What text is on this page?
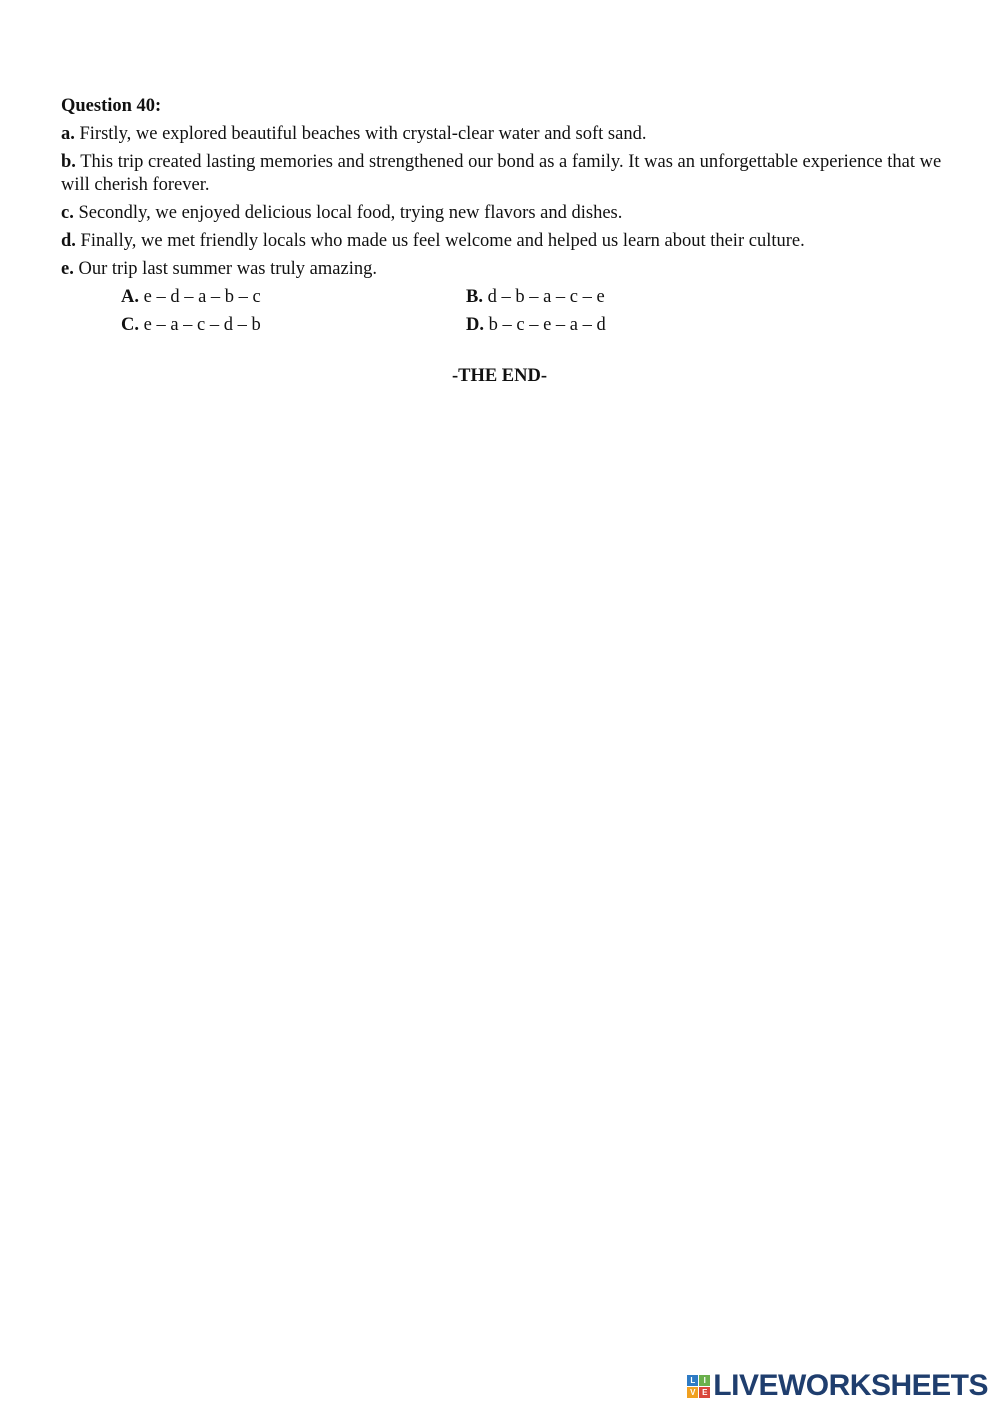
Question 40:
a. Firstly, we explored beautiful beaches with crystal-clear water and soft sand.
b. This trip created lasting memories and strengthened our bond as a family. It was an unforgettable experience that we will cherish forever.
c. Secondly, we enjoyed delicious local food, trying new flavors and dishes.
d. Finally, we met friendly locals who made us feel welcome and helped us learn about their culture.
e. Our trip last summer was truly amazing.
A. e – d – a – b – c	B. d – b – a – c – e
C. e – a – c – d – b	D. b – c – e – a – d
-THE END-
L	I
V E LIVEWORKSHEETS
